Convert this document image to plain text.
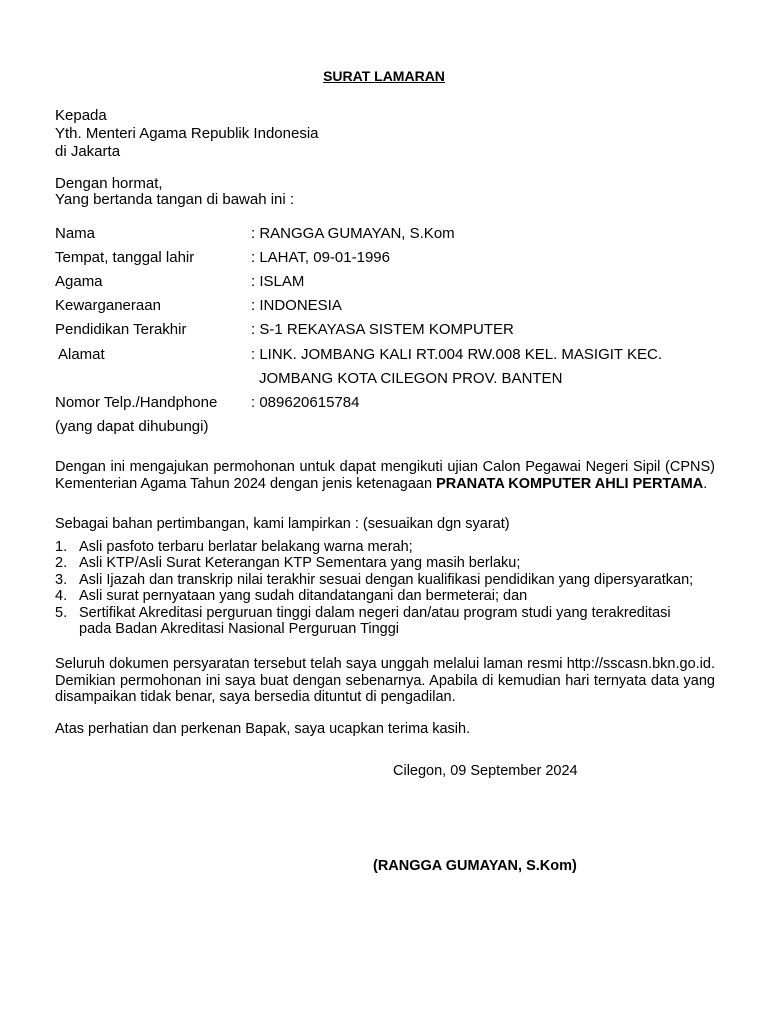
SURAT LAMARAN
Kepada
Yth. Menteri Agama Republik Indonesia
di Jakarta
Dengan hormat,
Yang bertanda tangan di bawah ini :
Nama	: RANGGA GUMAYAN, S.Kom
Tempat, tanggal lahir	: LAHAT, 09-01-1996
Agama	: ISLAM
Kewarganeraan	: INDONESIA
Pendidikan Terakhir	: S-1 REKAYASA SISTEM KOMPUTER
Alamat	: LINK. JOMBANG KALI RT.004 RW.008 KEL. MASIGIT KEC.
JOMBANG KOTA CILEGON PROV. BANTEN
Nomor Telp./Handphone : 089620615784
(yang dapat dihubungi)
Dengan ini mengajukan permohonan untuk dapat mengikuti ujian Calon Pegawai Negeri Sipil (CPNS) Kementerian Agama Tahun 2024 dengan jenis ketenagaan PRANATA KOMPUTER AHLI PERTAMA.
Sebagai bahan pertimbangan, kami lampirkan : (sesuaikan dgn syarat)
1. Asli pasfoto terbaru berlatar belakang warna merah;
2. Asli KTP/Asli Surat Keterangan KTP Sementara yang masih berlaku;
3. Asli Ijazah dan transkrip nilai terakhir sesuai dengan kualifikasi pendidikan yang dipersyaratkan;
4. Asli surat pernyataan yang sudah ditandatangani dan bermeterai; dan
5. Sertifikat Akreditasi perguruan tinggi dalam negeri dan/atau program studi yang terakreditasi pada Badan Akreditasi Nasional Perguruan Tinggi
Seluruh dokumen persyaratan tersebut telah saya unggah melalui laman resmi http://sscasn.bkn.go.id. Demikian permohonan ini saya buat dengan sebenarnya. Apabila di kemudian hari ternyata data yang disampaikan tidak benar, saya bersedia dituntut di pengadilan.
Atas perhatian dan perkenan Bapak, saya ucapkan terima kasih.
Cilegon, 09 September 2024
(RANGGA GUMAYAN, S.Kom)
